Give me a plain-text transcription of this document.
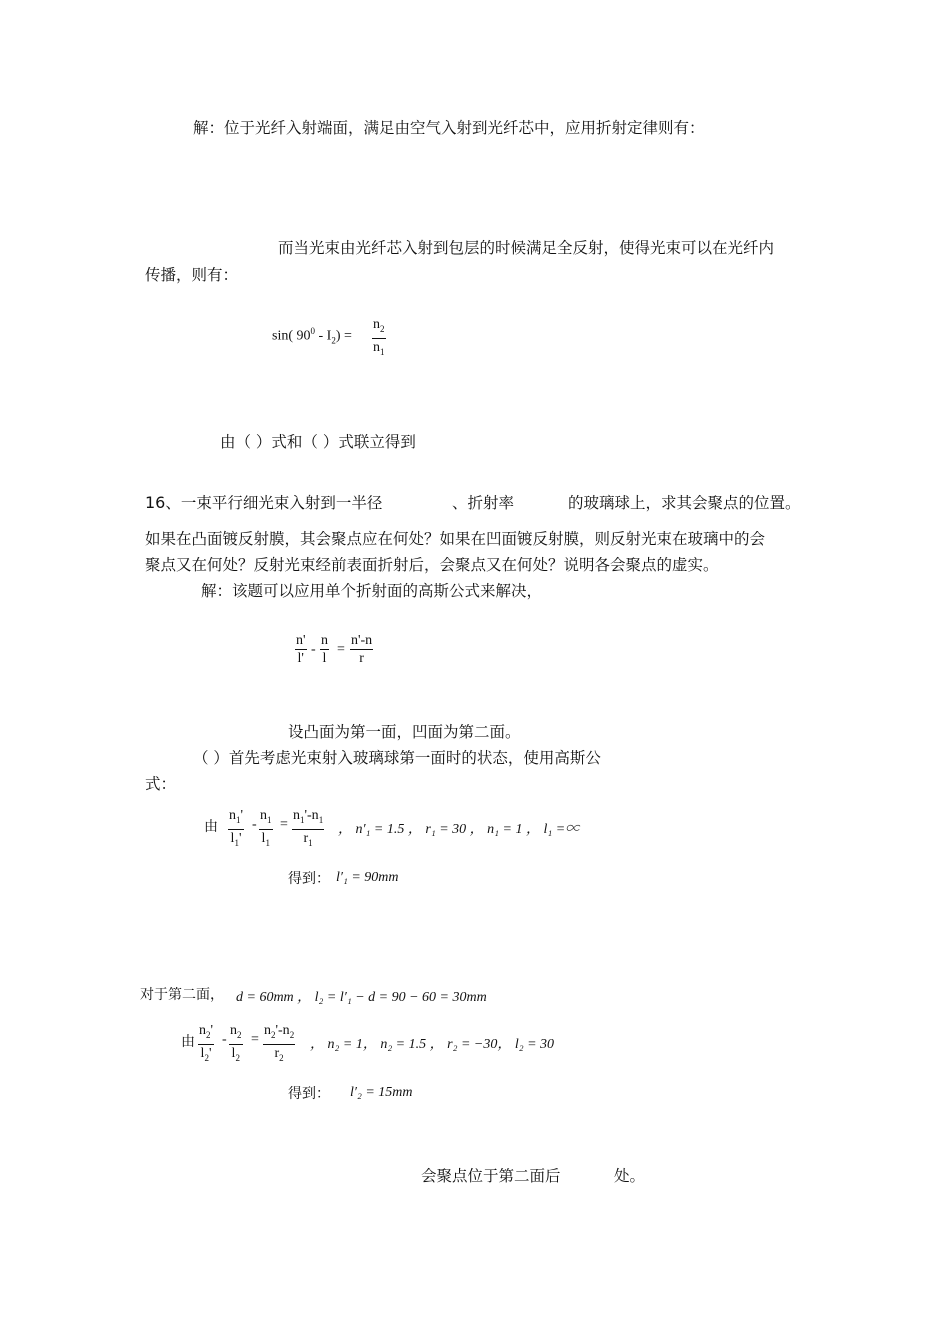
解：位于光纤入射端面，满足由空气入射到光纤芯中，应用折射定律则有：
而当光束由光纤芯入射到包层的时候满足全反射，使得光束可以在光纤内
传播，则有：
sin( $90^0 - I_2) = \frac{n_2}{n_1}$
由（ ）式和（ ）式联立得到
16、一束平行细光束入射到一半径	、折射率	的玻璃球上，求其会聚点的位置。
如果在凸面镀反射膜，其会聚点应在何处？如果在凹面镀反射膜，则反射光束在玻璃中的会
聚点又在何处？反射光束经前表面折射后，会聚点又在何处？说明各会聚点的虚实。
解：该题可以应用单个折射面的高斯公式来解决，
$\frac{n'}{l'} - \frac{n}{l} = \frac{n'-n}{r}$
设凸面为第一面，凹面为第二面。
（ ）首先考虑光束射入玻璃球第一面时的状态，使用高斯公
式：
由 $\frac{n_1'}{l_1'} - \frac{n_1}{l_1} = \frac{n_1'-n_1}{r_1}$ ， n′₁ = 1.5 ， r₁ = 30 ， n₁ = 1 ， l₁ =∝
得到： l′₁ = 90mm
对于第二面， d = 60mm ， l₂ = l′₁ − d = 90 − 60 = 30mm
由 $\frac{n_2'}{l_2'} - \frac{n_2}{l_2} = \frac{n_2'-n_2}{r_2}$ ， n₂ = 1， n₂ = 1.5 ， r₂ = −30， l₂ = 30
得到： l′₂ = 15mm
会聚点位于第二面后	处。
